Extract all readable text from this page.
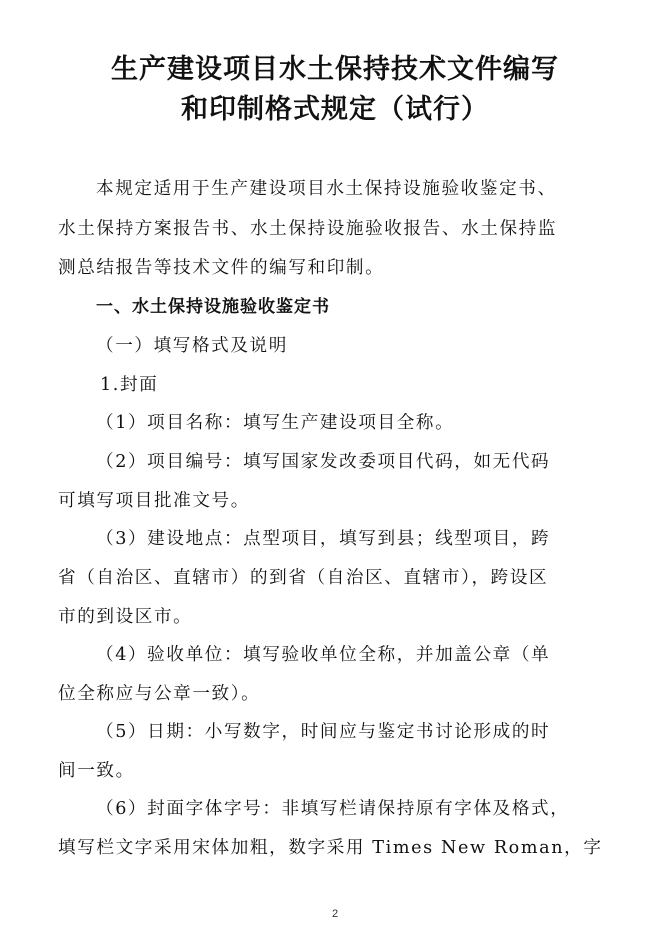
生产建设项目水土保持技术文件编写
和印制格式规定（试行）
本规定适用于生产建设项目水土保持设施验收鉴定书、
水土保持方案报告书、水土保持设施验收报告、水土保持监
测总结报告等技术文件的编写和印制。
一、水土保持设施验收鉴定书
（一）填写格式及说明
1.封面
（1）项目名称：填写生产建设项目全称。
（2）项目编号：填写国家发改委项目代码，如无代码
可填写项目批准文号。
（3）建设地点：点型项目，填写到县；线型项目，跨
省（自治区、直辖市）的到省（自治区、直辖市），跨设区
市的到设区市。
（4）验收单位：填写验收单位全称，并加盖公章（单
位全称应与公章一致）。
（5）日期：小写数字，时间应与鉴定书讨论形成的时
间一致。
（6）封面字体字号：非填写栏请保持原有字体及格式，
填写栏文字采用宋体加粗，数字采用 Times New Roman，字
2
